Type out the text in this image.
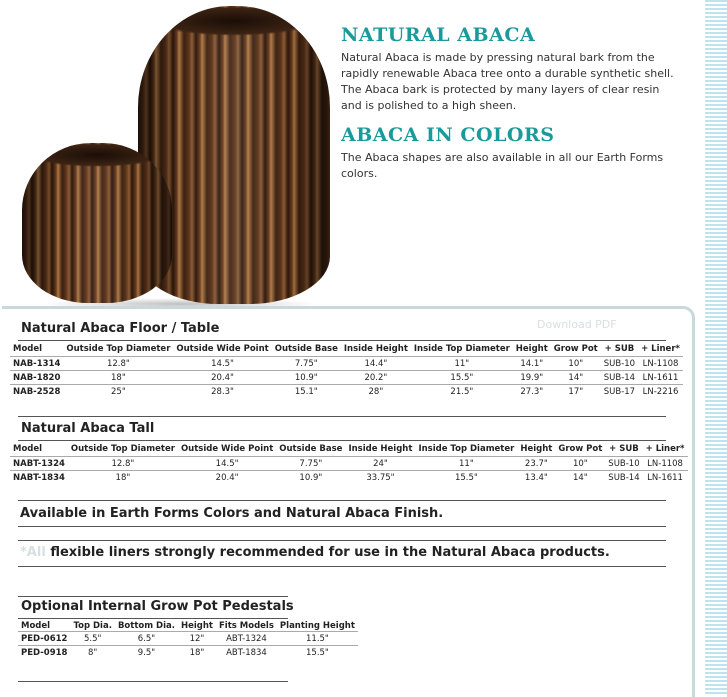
NATURAL ABACA

Natural Abaca is made by pressing natural bark from the rapidly renewable Abaca tree onto a durable synthetic shell. The Abaca bark is protected by many layers of clear resin and is polished to a high sheen.

ABACA IN COLORS

The Abaca shapes are also available in all our Earth Forms colors.

Natural Abaca Floor / Table	Download PDF
Model	Outside Top Diameter	Outside Wide Point	Outside Base	Inside Height	Inside Top Diameter	Height	Grow Pot	+ SUB	+ Liner*
NAB-1314	12.8"	14.5"	7.75"	14.4"	11"	14.1"	10"	SUB-10	LN-1108
NAB-1820	18"	20.4"	10.9"	20.2"	15.5"	19.9"	14"	SUB-14	LN-1611
NAB-2528	25"	28.3"	15.1"	28"	21.5"	27.3"	17"	SUB-17	LN-2216
Natural Abaca Tall
Model	Outside Top Diameter	Outside Wide Point	Outside Base	Inside Height	Inside Top Diameter	Height	Grow Pot	+ SUB	+ Liner*
NABT-1324	12.8"	14.5"	7.75"	24"	11"	23.7"	10"	SUB-10	LN-1108
NABT-1834	18"	20.4"	10.9"	33.75"	15.5"	13.4"	14"	SUB-14	LN-1611
Available in Earth Forms Colors and Natural Abaca Finish.
*All flexible liners strongly recommended for use in the Natural Abaca products.
Optional Internal Grow Pot Pedestals
Model	Top Dia.	Bottom Dia.	Height	Fits Models	Planting Height
PED-0612	5.5"	6.5"	12"	ABT-1324	11.5"
PED-0918	8"	9.5"	18"	ABT-1834	15.5"
